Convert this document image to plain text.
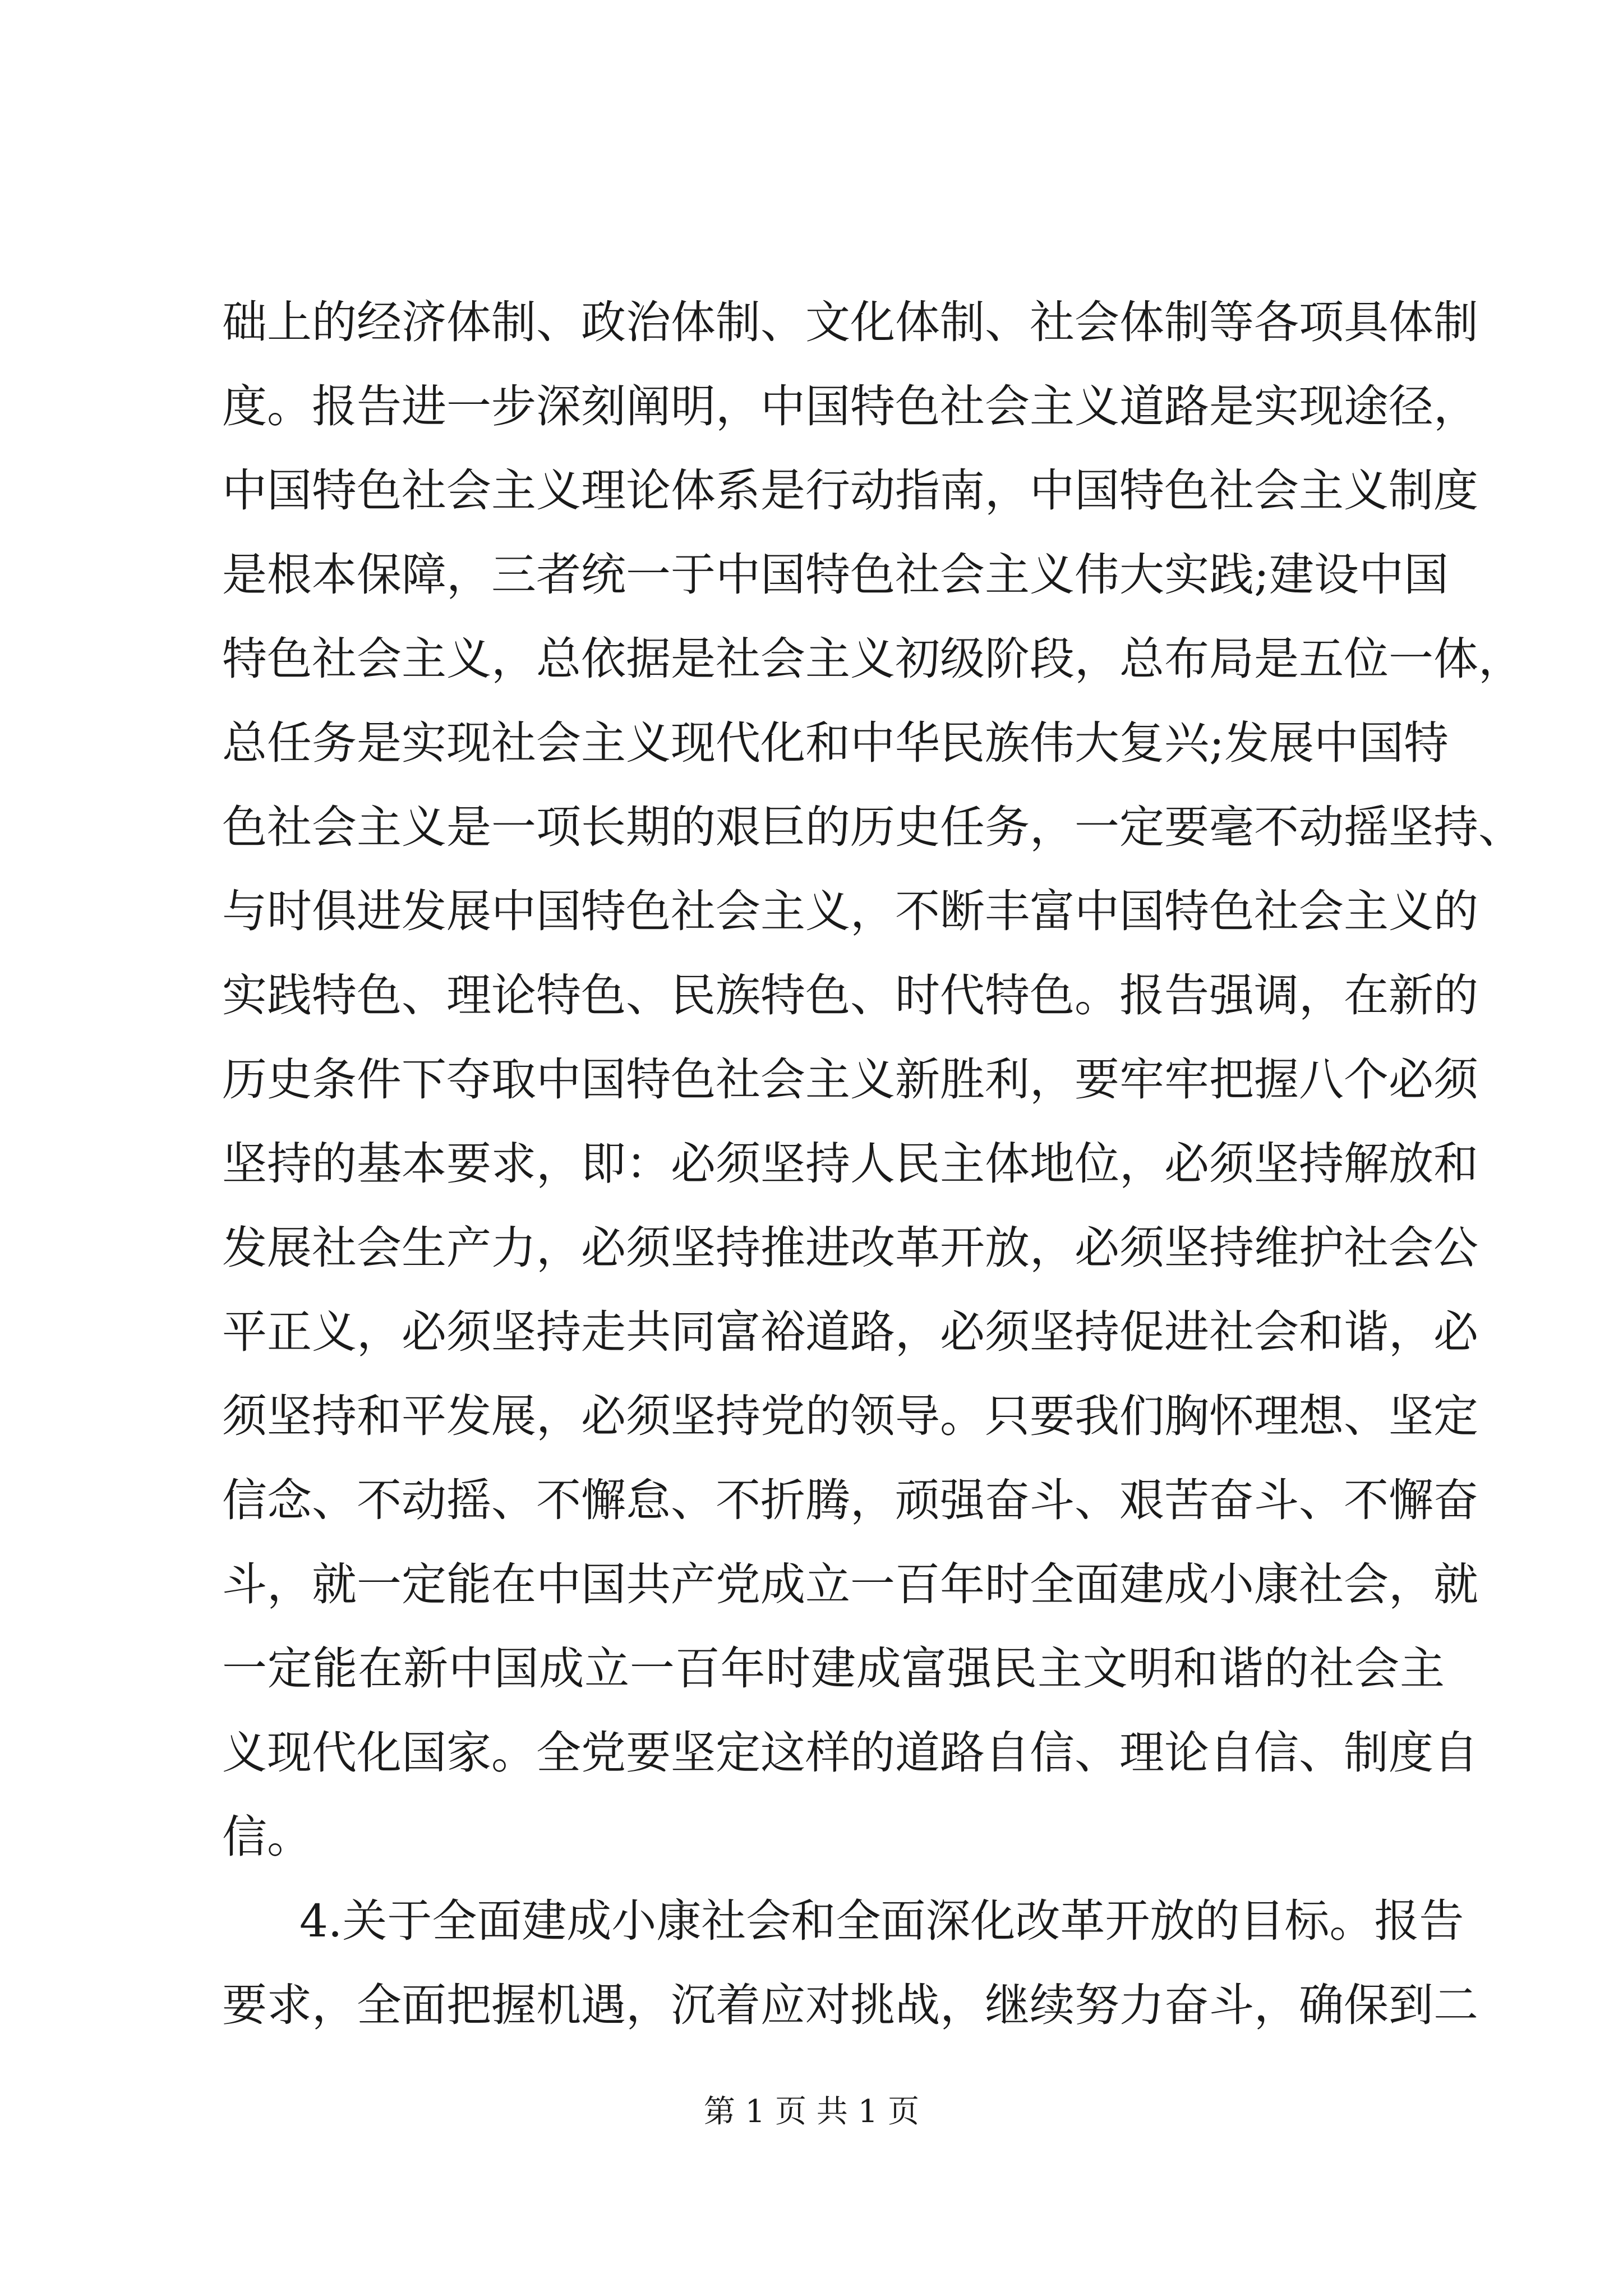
础上的经济体制、政治体制、文化体制、社会体制等各项具体制
度。报告进一步深刻阐明，中国特色社会主义道路是实现途径，
中国特色社会主义理论体系是行动指南，中国特色社会主义制度
是根本保障，三者统一于中国特色社会主义伟大实践;建设中国
特色社会主义，总依据是社会主义初级阶段，总布局是五位一体，
总任务是实现社会主义现代化和中华民族伟大复兴;发展中国特
色社会主义是一项长期的艰巨的历史任务，一定要毫不动摇坚持、
与时俱进发展中国特色社会主义，不断丰富中国特色社会主义的
实践特色、理论特色、民族特色、时代特色。报告强调，在新的
历史条件下夺取中国特色社会主义新胜利，要牢牢把握八个必须
坚持的基本要求，即：必须坚持人民主体地位，必须坚持解放和
发展社会生产力，必须坚持推进改革开放，必须坚持维护社会公
平正义，必须坚持走共同富裕道路，必须坚持促进社会和谐，必
须坚持和平发展，必须坚持党的领导。只要我们胸怀理想、坚定
信念、不动摇、不懈怠、不折腾，顽强奋斗、艰苦奋斗、不懈奋
斗，就一定能在中国共产党成立一百年时全面建成小康社会，就
一定能在新中国成立一百年时建成富强民主文明和谐的社会主
义现代化国家。全党要坚定这样的道路自信、理论自信、制度自
信。
4.关于全面建成小康社会和全面深化改革开放的目标。报告
要求，全面把握机遇，沉着应对挑战，继续努力奋斗，确保到二
第 1 页 共 1 页
